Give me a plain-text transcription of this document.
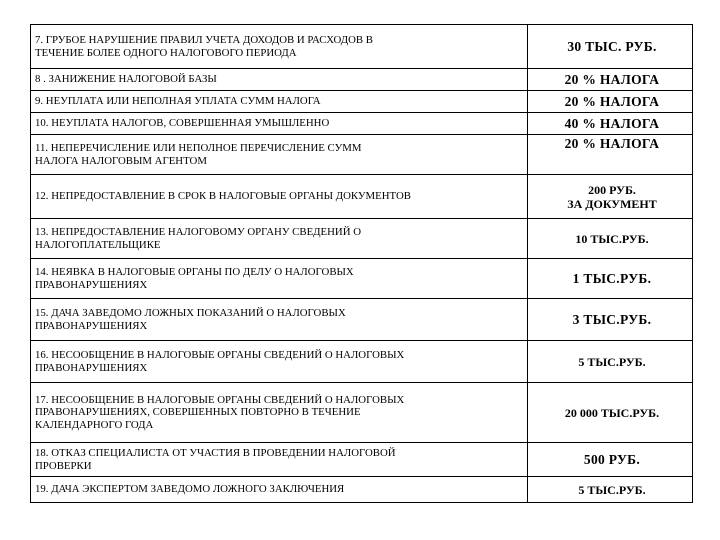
7. ГРУБОЕ НАРУШЕНИЕ ПРАВИЛ УЧЕТА ДОХОДОВ И РАСХОДОВ В
ТЕЧЕНИЕ БОЛЕЕ ОДНОГО НАЛОГОВОГО ПЕРИОДА	30 ТЫС. РУБ.
8 . ЗАНИЖЕНИЕ НАЛОГОВОЙ БАЗЫ	20 % НАЛОГА
9. НЕУПЛАТА ИЛИ НЕПОЛНАЯ УПЛАТА СУММ НАЛОГА	20 % НАЛОГА
10. НЕУПЛАТА НАЛОГОВ, СОВЕРШЕННАЯ УМЫШЛЕННО	40 % НАЛОГА
11. НЕПЕРЕЧИСЛЕНИЕ ИЛИ НЕПОЛНОЕ ПЕРЕЧИСЛЕНИЕ СУММ
НАЛОГА НАЛОГОВЫМ АГЕНТОМ	20 % НАЛОГА
12. НЕПРЕДОСТАВЛЕНИЕ В СРОК В НАЛОГОВЫЕ ОРГАНЫ ДОКУМЕНТОВ	200 РУБ.
ЗА ДОКУМЕНТ
13. НЕПРЕДОСТАВЛЕНИЕ НАЛОГОВОМУ ОРГАНУ СВЕДЕНИЙ О
НАЛОГОПЛАТЕЛЬЩИКЕ	10 ТЫС.РУБ.
14. НЕЯВКА В НАЛОГОВЫЕ ОРГАНЫ ПО ДЕЛУ О НАЛОГОВЫХ
ПРАВОНАРУШЕНИЯХ	1 ТЫС.РУБ.
15. ДАЧА ЗАВЕДОМО ЛОЖНЫХ ПОКАЗАНИЙ О НАЛОГОВЫХ
ПРАВОНАРУШЕНИЯХ	3 ТЫС.РУБ.
16. НЕСООБЩЕНИЕ В НАЛОГОВЫЕ ОРГАНЫ СВЕДЕНИЙ О НАЛОГОВЫХ
ПРАВОНАРУШЕНИЯХ	5 ТЫС.РУБ.
17. НЕСООБЩЕНИЕ В НАЛОГОВЫЕ ОРГАНЫ СВЕДЕНИЙ О НАЛОГОВЫХ
ПРАВОНАРУШЕНИЯХ, СОВЕРШЕННЫХ ПОВТОРНО В ТЕЧЕНИЕ
КАЛЕНДАРНОГО ГОДА	20 000 ТЫС.РУБ.
18. ОТКАЗ СПЕЦИАЛИСТА ОТ УЧАСТИЯ В ПРОВЕДЕНИИ НАЛОГОВОЙ
ПРОВЕРКИ	500 РУБ.
19. ДАЧА ЭКСПЕРТОМ ЗАВЕДОМО ЛОЖНОГО ЗАКЛЮЧЕНИЯ	5 ТЫС.РУБ.
